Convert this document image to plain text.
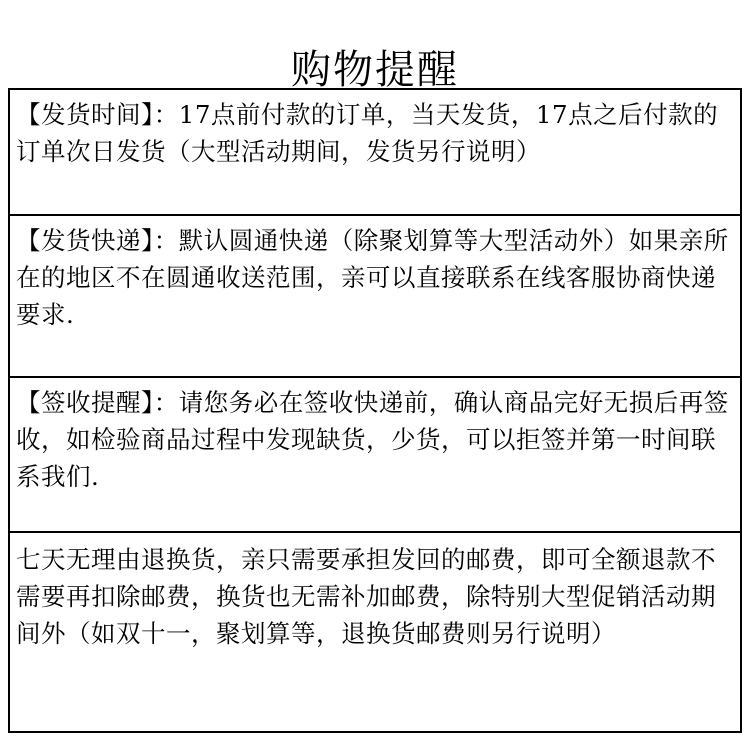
购物提醒
【发货时间】：17点前付款的订单，当天发货，17点之后付款的订单次日发货（大型活动期间，发货另行说明）
【发货快递】：默认圆通快递（除聚划算等大型活动外）如果亲所在的地区不在圆通收送范围，亲可以直接联系在线客服协商快递要求.
【签收提醒】：请您务必在签收快递前，确认商品完好无损后再签收，如检验商品过程中发现缺货，少货，可以拒签并第一时间联系我们.
七天无理由退换货，亲只需要承担发回的邮费，即可全额退款不需要再扣除邮费，换货也无需补加邮费，除特别大型促销活动期间外（如双十一，聚划算等，退换货邮费则另行说明）
